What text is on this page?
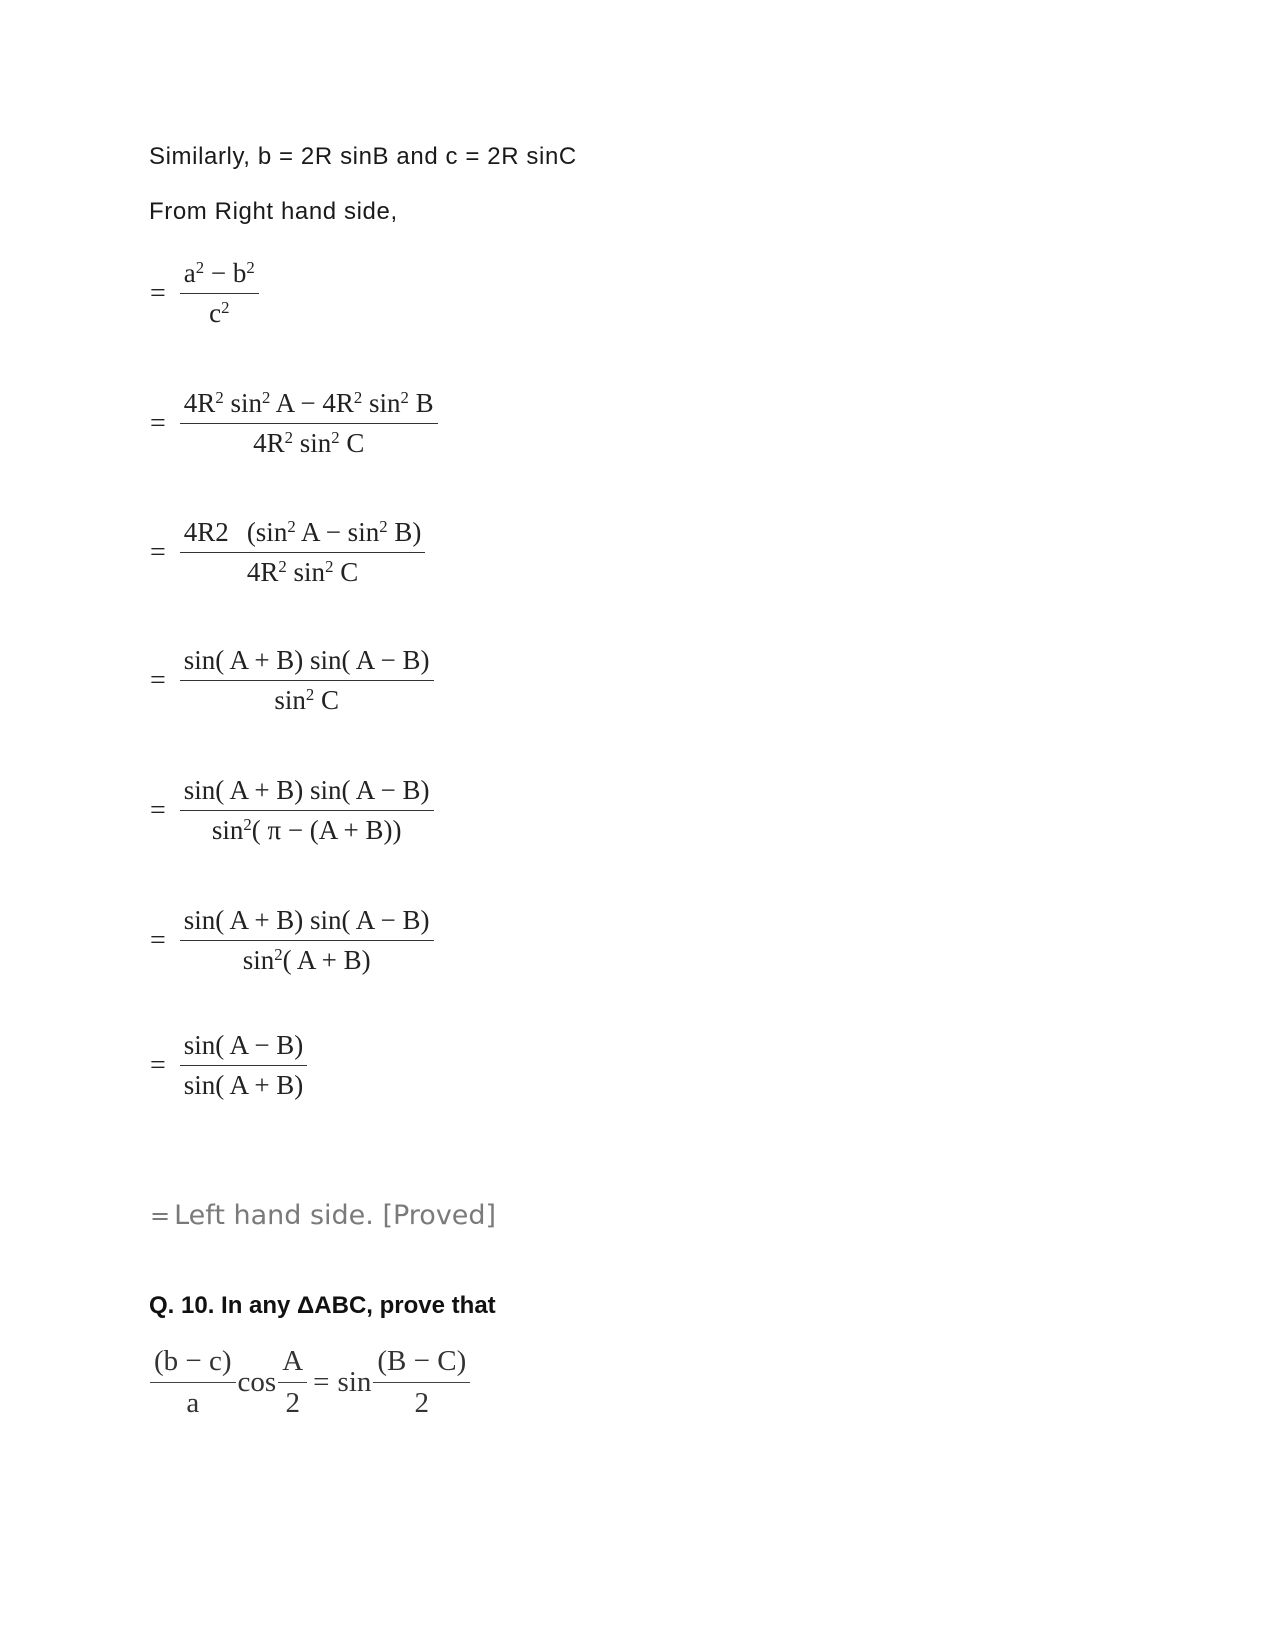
Similarly, b = 2R sinB and c = 2R sinC
From Right hand side,
= $\frac{a^2 - b^2}{c^2}$
= $\frac{4R^2 \sin^2 A - 4R^2 \sin^2 B}{4R^2 \sin^2 C}$
= $\frac{4R2 (\sin^2 A - \sin^2 B)}{4R^2 \sin^2 C}$
= $\frac{\sin( A + B) \sin( A - B)}{\sin^2 C}$
= $\frac{\sin( A + B) \sin( A - B)}{\sin^2( \pi - (A + B))}$
= $\frac{\sin( A + B) \sin( A - B)}{\sin^2( A + B)}$
= $\frac{\sin( A - B)}{\sin( A + B)}$
= Left hand side. [Proved]
Q. 10. In any ΔABC, prove that
$\frac{(b - c)}{a}$ $\cos \frac{A}{2} = \sin \frac{(B - C)}{2}$
